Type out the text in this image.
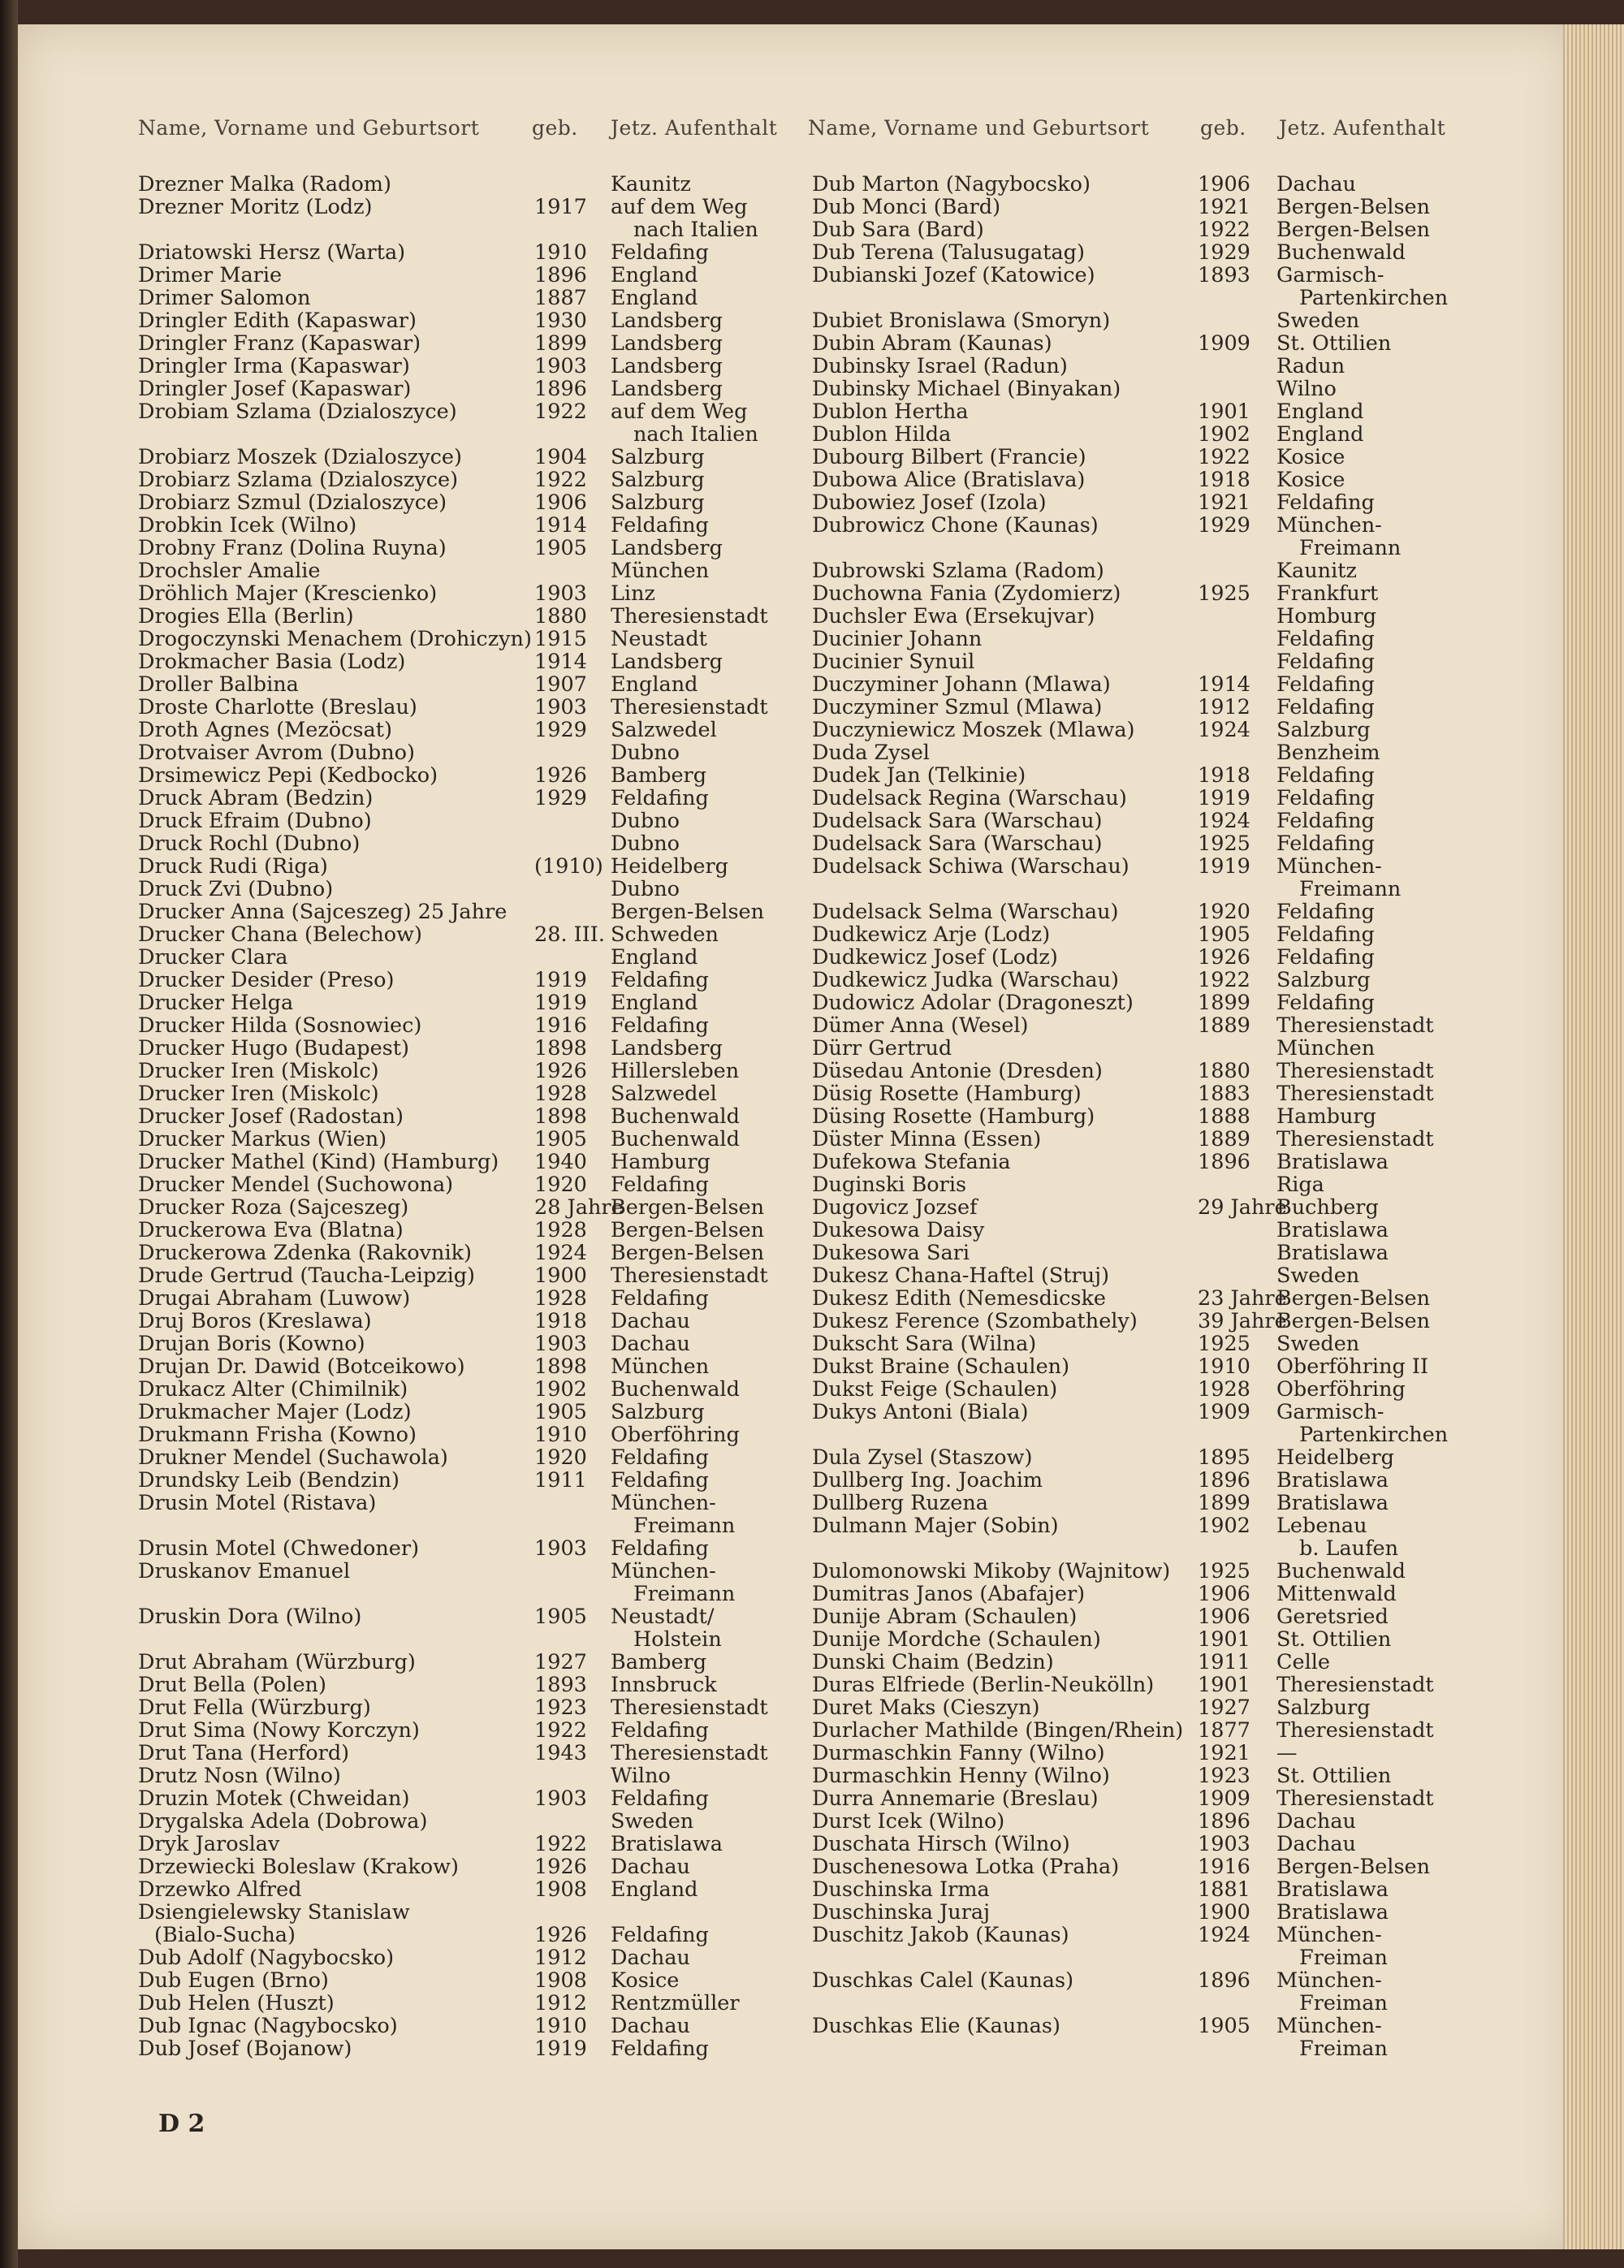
Name, Vorname und Geburtsort	geb. Jetz. Aufenthalt Name, Vorname und Geburtsort	geb. Jetz. Aufenthalt
Drezner Malka (Radom)	Kaunitz
Drezner Moritz (Lodz)	1917 auf dem Weg
nach Italien
Driatowski Hersz (Warta)	1910 Feldafing
Drimer Marie	1896 England
Drimer Salomon	1887 England
Dringler Edith (Kapaswar)	1930 Landsberg
Dringler Franz (Kapaswar)	1899 Landsberg
Dringler Irma (Kapaswar)	1903 Landsberg
Dringler Josef (Kapaswar)	1896 Landsberg
Drobiam Szlama (Dzialoszyce)	1922 auf dem Weg
nach Italien
Drobiarz Moszek (Dzialoszyce)	1904 Salzburg
Drobiarz Szlama (Dzialoszyce)	1922 Salzburg
Drobiarz Szmul (Dzialoszyce)	1906 Salzburg
Drobkin Icek (Wilno)	1914 Feldafing
Drobny Franz (Dolina Ruyna)	1905 Landsberg
Drochsler Amalie	München
Dröhlich Majer (Krescienko)	1903 Linz
Drogies Ella (Berlin)	1880 Theresienstadt
Drogoczynski Menachem (Drohiczyn) 1915 Neustadt
Drokmacher Basia (Lodz)	1914 Landsberg
Droller Balbina	1907 England
Droste Charlotte (Breslau)	1903 Theresienstadt
Droth Agnes (Mezöcsat)	1929 Salzwedel
Drotvaiser Avrom (Dubno)	Dubno
Drsimewicz Pepi (Kedbocko)	1926 Bamberg
Druck Abram (Bedzin)	1929 Feldafing
Druck Efraim (Dubno)	Dubno
Druck Rochl (Dubno)	Dubno
Druck Rudi (Riga)	(1910) Heidelberg
Druck Zvi (Dubno)	Dubno
Drucker Anna (Sajceszeg) 25 Jahre	Bergen-Belsen
Drucker Chana (Belechow)	28. III. Schweden
Drucker Clara	England
Drucker Desider (Preso)	1919 Feldafing
Drucker Helga	1919 England
Drucker Hilda (Sosnowiec)	1916 Feldafing
Drucker Hugo (Budapest)	1898 Landsberg
Drucker Iren (Miskolc)	1926 Hillersleben
Drucker Iren (Miskolc)	1928 Salzwedel
Drucker Josef (Radostan)	1898 Buchenwald
Drucker Markus (Wien)	1905 Buchenwald
Drucker Mathel (Kind) (Hamburg) 1940 Hamburg
Drucker Mendel (Suchowona)	1920 Feldafing
Drucker Roza (Sajceszeg)	28 Jahre
Bergen-Belsen
Druckerowa Eva (Blatna)	1928 Bergen-Belsen
Druckerowa Zdenka (Rakovnik)	1924 Bergen-Belsen
Drude Gertrud (Taucha-Leipzig)	1900 Theresienstadt
Drugai Abraham (Luwow)	1928 Feldafing
Druj Boros (Kreslawa)	1918 Dachau
Drujan Boris (Kowno)	1903 Dachau
Drujan Dr. Dawid (Botceikowo)	1898 München
Drukacz Alter (Chimilnik)	1902 Buchenwald
Drukmacher Majer (Lodz)	1905 Salzburg
Drukmann Frisha (Kowno)	1910 Oberföhring
Drukner Mendel (Suchawola)	1920 Feldafing
Drundsky Leib (Bendzin)	1911 Feldafing
Drusin Motel (Ristava)	München-
Freimann
Drusin Motel (Chwedoner)	1903 Feldafing
Druskanov Emanuel	München-
Freimann
Druskin Dora (Wilno)	1905 Neustadt/
Holstein
Drut Abraham (Würzburg)	1927 Bamberg
Drut Bella (Polen)	1893 Innsbruck
Drut Fella (Würzburg)	1923 Theresienstadt
Drut Sima (Nowy Korczyn)	1922 Feldafing
Drut Tana (Herford)	1943 Theresienstadt
Drutz Nosn (Wilno)	Wilno
Druzin Motek (Chweidan)	1903 Feldafing
Drygalska Adela (Dobrowa)	Sweden
Dryk Jaroslav	1922 Bratislawa
Drzewiecki Boleslaw (Krakow)	1926 Dachau
Drzewko Alfred	1908 England
Dsiengielewsky Stanislaw
(Bialo-Sucha)	1926 Feldafing
Dub Adolf (Nagybocsko)	1912 Dachau
Dub Eugen (Brno)	1908 Kosice
Dub Helen (Huszt)	1912 Rentzmüller
Dub Ignac (Nagybocsko)	1910 Dachau
Dub Josef (Bojanow)	1919 Feldafing
Dub Marton (Nagybocsko)	1906 Dachau
Dub Monci (Bard)	1921 Bergen-Belsen
Dub Sara (Bard)	1922 Bergen-Belsen
Dub Terena (Talusugatag)	1929 Buchenwald
Dubianski Jozef (Katowice)	1893 Garmisch-
Partenkirchen
Dubiet Bronislawa (Smoryn)	Sweden
Dubin Abram (Kaunas)	1909 St. Ottilien
Dubinsky Israel (Radun)	Radun
Dubinsky Michael (Binyakan)	Wilno
Dublon Hertha	1901 England
Dublon Hilda	1902 England
Dubourg Bilbert (Francie)	1922 Kosice
Dubowa Alice (Bratislava)	1918 Kosice
Dubowiez Josef (Izola)	1921 Feldafing
Dubrowicz Chone (Kaunas)	1929 München-
Freimann
Dubrowski Szlama (Radom)	Kaunitz
Duchowna Fania (Zydomierz)	1925 Frankfurt
Duchsler Ewa (Ersekujvar)	Homburg
Ducinier Johann	Feldafing
Ducinier Synuil	Feldafing
Duczyminer Johann (Mlawa)	1914 Feldafing
Duczyminer Szmul (Mlawa)	1912 Feldafing
Duczyniewicz Moszek (Mlawa)	1924 Salzburg
Duda Zysel	Benzheim
Dudek Jan (Telkinie)	1918 Feldafing
Dudelsack Regina (Warschau)	1919 Feldafing
Dudelsack Sara (Warschau)	1924 Feldafing
Dudelsack Sara (Warschau)	1925 Feldafing
Dudelsack Schiwa (Warschau)	1919 München-
Freimann
Dudelsack Selma (Warschau)	1920 Feldafing
Dudkewicz Arje (Lodz)	1905 Feldafing
Dudkewicz Josef (Lodz)	1926 Feldafing
Dudkewicz Judka (Warschau)	1922 Salzburg
Dudowicz Adolar (Dragoneszt)	1899 Feldafing
Dümer Anna (Wesel)	1889 Theresienstadt
Dürr Gertrud	München
Düsedau Antonie (Dresden)	1880 Theresienstadt
Düsig Rosette (Hamburg)	1883 Theresienstadt
Düsing Rosette (Hamburg)	1888 Hamburg
Düster Minna (Essen)	1889 Theresienstadt
Dufekowa Stefania	1896 Bratislawa
Duginski Boris	Riga
Dugovicz Jozsef	29 Jahre
Buchberg
Dukesowa Daisy	Bratislawa
Dukesowa Sari	Bratislawa
Dukesz Chana-Haftel (Struj)	Sweden
Dukesz Edith (Nemesdicske	23 Jahre
Bergen-Belsen
Dukesz Ference (Szombathely)	39 Jahre
Bergen-Belsen
Dukscht Sara (Wilna)	1925 Sweden
Dukst Braine (Schaulen)	1910 Oberföhring II
Dukst Feige (Schaulen)	1928 Oberföhring
Dukys Antoni (Biala)	1909 Garmisch-
Partenkirchen
Dula Zysel (Staszow)	1895 Heidelberg
Dullberg Ing. Joachim	1896 Bratislawa
Dullberg Ruzena	1899 Bratislawa
Dulmann Majer (Sobin)	1902 Lebenau
b. Laufen
Dulomonowski Mikoby (Wajnitow) 1925 Buchenwald
Dumitras Janos (Abafajer)	1906 Mittenwald
Dunije Abram (Schaulen)	1906 Geretsried
Dunije Mordche (Schaulen)	1901 St. Ottilien
Dunski Chaim (Bedzin)	1911 Celle
Duras Elfriede (Berlin-Neukölln) 1901 Theresienstadt
Duret Maks (Cieszyn)	1927 Salzburg
Durlacher Mathilde (Bingen/Rhein) 1877 Theresienstadt
Durmaschkin Fanny (Wilno)	1921 —
Durmaschkin Henny (Wilno)	1923 St. Ottilien
Durra Annemarie (Breslau)	1909 Theresienstadt
Durst Icek (Wilno)	1896 Dachau
Duschata Hirsch (Wilno)	1903 Dachau
Duschenesowa Lotka (Praha)	1916 Bergen-Belsen
Duschinska Irma	1881 Bratislawa
Duschinska Juraj	1900 Bratislawa
Duschitz Jakob (Kaunas)	1924 München-
Freiman
Duschkas Calel (Kaunas)	1896 München-
Freiman
Duschkas Elie (Kaunas)	1905 München-
Freiman
D 2
